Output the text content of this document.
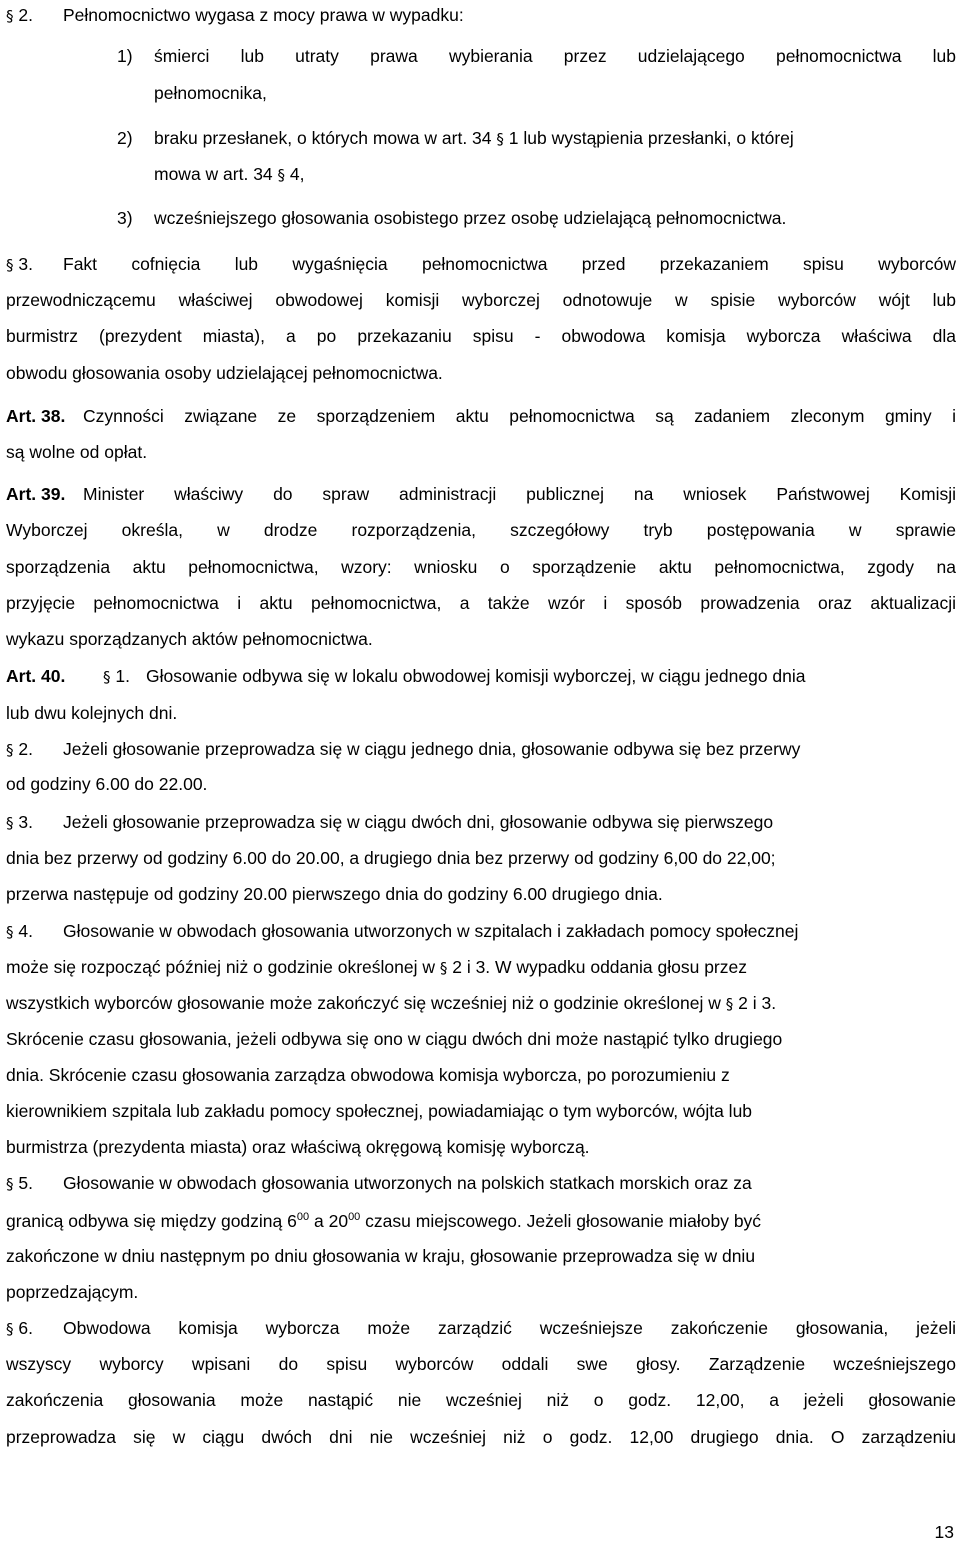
§ 2. Pełnomocnictwo wygasa z mocy prawa w wypadku:
1)	śmierci lub utraty prawa wybierania przez udzielającego pełnomocnictwa lub
pełnomocnika,
2)	braku przesłanek, o których mowa w art. 34 § 1 lub wystąpienia przesłanki, o której
mowa w art. 34 § 4,
3)	wcześniejszego głosowania osobistego przez osobę udzielającą pełnomocnictwa.
§ 3.	Fakt cofnięcia lub wygaśnięcia pełnomocnictwa przed przekazaniem spisu wyborców
przewodniczącemu właściwej obwodowej komisji wyborczej odnotowuje w spisie wyborców wójt lub
burmistrz (prezydent miasta), a po przekazaniu spisu - obwodowa komisja wyborcza właściwa dla
obwodu głosowania osoby udzielającej pełnomocnictwa.
Art. 38.	Czynności związane ze sporządzeniem aktu pełnomocnictwa są zadaniem zleconym gminy i
są wolne od opłat.
Art. 39.	Minister właściwy do spraw administracji publicznej na wniosek Państwowej Komisji
Wyborczej określa, w drodze rozporządzenia, szczegółowy tryb postępowania w sprawie
sporządzenia aktu pełnomocnictwa, wzory: wniosku o sporządzenie aktu pełnomocnictwa, zgody na
przyjęcie pełnomocnictwa i aktu pełnomocnictwa, a także wzór i sposób prowadzenia oraz aktualizacji
wykazu sporządzanych aktów pełnomocnictwa.
Art. 40.	§ 1. Głosowanie odbywa się w lokalu obwodowej komisji wyborczej, w ciągu jednego dnia
lub dwu kolejnych dni.
§ 2.	Jeżeli głosowanie przeprowadza się w ciągu jednego dnia, głosowanie odbywa się bez przerwy
od godziny 6.00 do 22.00.
§ 3.	Jeżeli głosowanie przeprowadza się w ciągu dwóch dni, głosowanie odbywa się pierwszego
dnia bez przerwy od godziny 6.00 do 20.00, a drugiego dnia bez przerwy od godziny 6,00 do 22,00;
przerwa następuje od godziny 20.00 pierwszego dnia do godziny 6.00 drugiego dnia.
§ 4.	Głosowanie w obwodach głosowania utworzonych w szpitalach i zakładach pomocy społecznej
może się rozpocząć później niż o godzinie określonej w § 2 i 3. W wypadku oddania głosu przez
wszystkich wyborców głosowanie może zakończyć się wcześniej niż o godzinie określonej w § 2 i 3.
Skrócenie czasu głosowania, jeżeli odbywa się ono w ciągu dwóch dni może nastąpić tylko drugiego
dnia. Skrócenie czasu głosowania zarządza obwodowa komisja wyborcza, po porozumieniu z
kierownikiem szpitala lub zakładu pomocy społecznej, powiadamiając o tym wyborców, wójta lub
burmistrza (prezydenta miasta) oraz właściwą okręgową komisję wyborczą.
§ 5.	Głosowanie w obwodach głosowania utworzonych na polskich statkach morskich oraz za
granicą odbywa się między godziną $6^{00}$ a $20^{00}$ czasu miejscowego. Jeżeli głosowanie miałoby być
zakończone w dniu następnym po dniu głosowania w kraju, głosowanie przeprowadza się w dniu
poprzedzającym.
§ 6.	Obwodowa komisja wyborcza może zarządzić wcześniejsze zakończenie głosowania, jeżeli
wszyscy wyborcy wpisani do spisu wyborców oddali swe głosy. Zarządzenie wcześniejszego
zakończenia głosowania może nastąpić nie wcześniej niż o godz. 12,00, a jeżeli głosowanie
przeprowadza się w ciągu dwóch dni nie wcześniej niż o godz. 12,00 drugiego dnia. O zarządzeniu
13
